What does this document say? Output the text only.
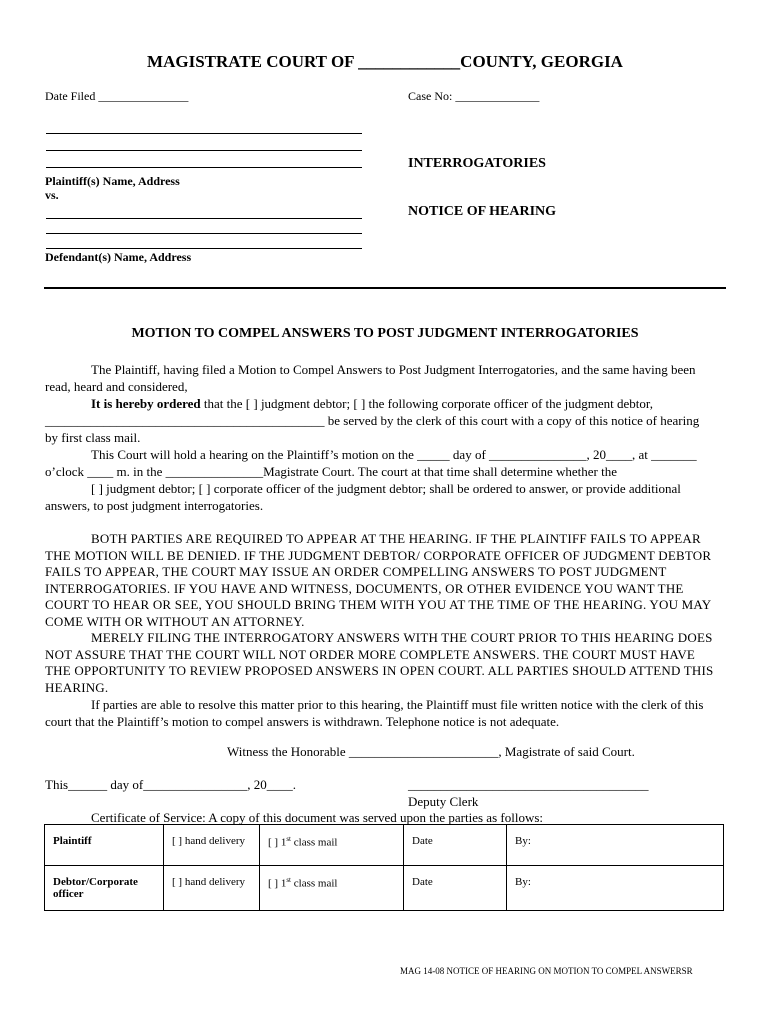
MAGISTRATE COURT OF ____________COUNTY, GEORGIA
Date Filed _______________	Case No: ______________
Plaintiff(s) Name, Address
vs.
Defendant(s) Name, Address
INTERROGATORIES
NOTICE OF HEARING
MOTION TO COMPEL ANSWERS TO POST JUDGMENT INTERROGATORIES

The Plaintiff, having filed a Motion to Compel Answers to Post Judgment Interrogatories, and the same having been read, heard and considered,

It is hereby ordered that the [ ] judgment debtor; [ ] the following corporate officer of the judgment debtor,

___________________________________________ be served by the clerk of this court with a copy of this notice of hearing by first class mail.

This Court will hold a hearing on the Plaintiff’s motion on the _____ day of _______________, 20____, at _______ o’clock ____ m. in the _______________Magistrate Court. The court at that time shall determine whether the

[ ] judgment debtor; [ ] corporate officer of the judgment debtor; shall be ordered to answer, or provide additional answers, to post judgment interrogatories.

BOTH PARTIES ARE REQUIRED TO APPEAR AT THE HEARING. IF THE PLAINTIFF FAILS TO APPEAR THE MOTION WILL BE DENIED. IF THE JUDGMENT DEBTOR/ CORPORATE OFFICER OF JUDGMENT DEBTOR FAILS TO APPEAR, THE COURT MAY ISSUE AN ORDER COMPELLING ANSWERS TO POST JUDGMENT INTERROGATORIES. IF YOU HAVE AND WITNESS, DOCUMENTS, OR OTHER EVIDENCE YOU WANT THE COURT TO HEAR OR SEE, YOU SHOULD BRING THEM WITH YOU AT THE TIME OF THE HEARING. YOU MAY COME WITH OR WITHOUT AN ATTORNEY.

MERELY FILING THE INTERROGATORY ANSWERS WITH THE COURT PRIOR TO THIS HEARING DOES NOT ASSURE THAT THE COURT WILL NOT ORDER MORE COMPLETE ANSWERS. THE COURT MUST HAVE THE OPPORTUNITY TO REVIEW PROPOSED ANSWERS IN OPEN COURT. ALL PARTIES SHOULD ATTEND THIS HEARING.

If parties are able to resolve this matter prior to this hearing, the Plaintiff must file written notice with the clerk of this court that the Plaintiff’s motion to compel answers is withdrawn. Telephone notice is not adequate.

Witness the Honorable _______________________, Magistrate of said Court.
This______ day of________________, 20____.	_____________________________________
Deputy Clerk
Certificate of Service: A copy of this document was served upon the parties as follows:
Plaintiff	[ ] hand delivery	[ ] 1st class mail	Date	By:
Debtor/Corporate officer	[ ] hand delivery	[ ] 1st class mail	Date	By:
MAG 14-08 NOTICE OF HEARING ON MOTION TO COMPEL ANSWERSR
